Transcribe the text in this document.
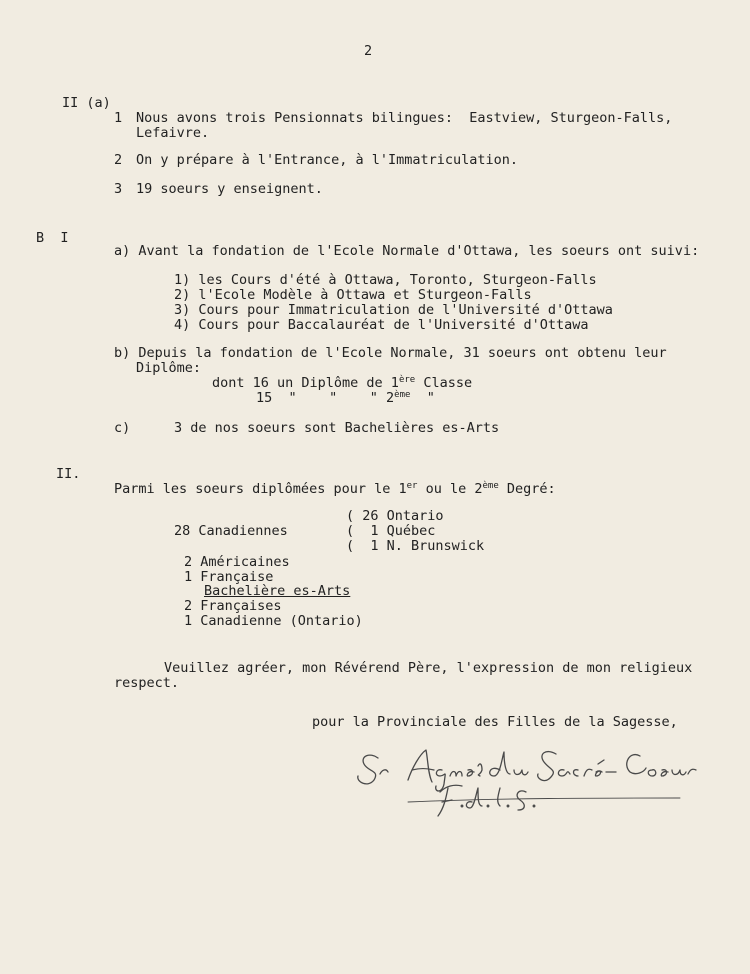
2
II (a)
1 Nous avons trois Pensionnats bilingues:  Eastview, Sturgeon-Falls,
Lefaivre.
2 On y prépare à l'Entrance, à l'Immatriculation.
3 19 soeurs y enseignent.
B  I
a) Avant la fondation de l'Ecole Normale d'Ottawa, les soeurs ont suivi:
1) les Cours d'été à Ottawa, Toronto, Sturgeon-Falls
2) l'Ecole Modèle à Ottawa et Sturgeon-Falls
3) Cours pour Immatriculation de l'Université d'Ottawa
4) Cours pour Baccalauréat de l'Université d'Ottawa
b) Depuis la fondation de l'Ecole Normale, 31 soeurs ont obtenu leur
Diplôme:
dont 16 un Diplôme de 1ère Classe
15  "    "    " 2ème  "
c)	3 de nos soeurs sont Bachelières es-Arts
II.
Parmi les soeurs diplômées pour le 1er ou le 2ème Degré:
( 26 Ontario
28 Canadiennes	(  1 Québec
(  1 N. Brunswick
2 Américaines
1 Française
Bachelière es-Arts
2 Françaises
1 Canadienne (Ontario)
Veuillez agréer, mon Révérend Père, l'expression de mon religieux
respect.
pour la Provinciale des Filles de la Sagesse,
